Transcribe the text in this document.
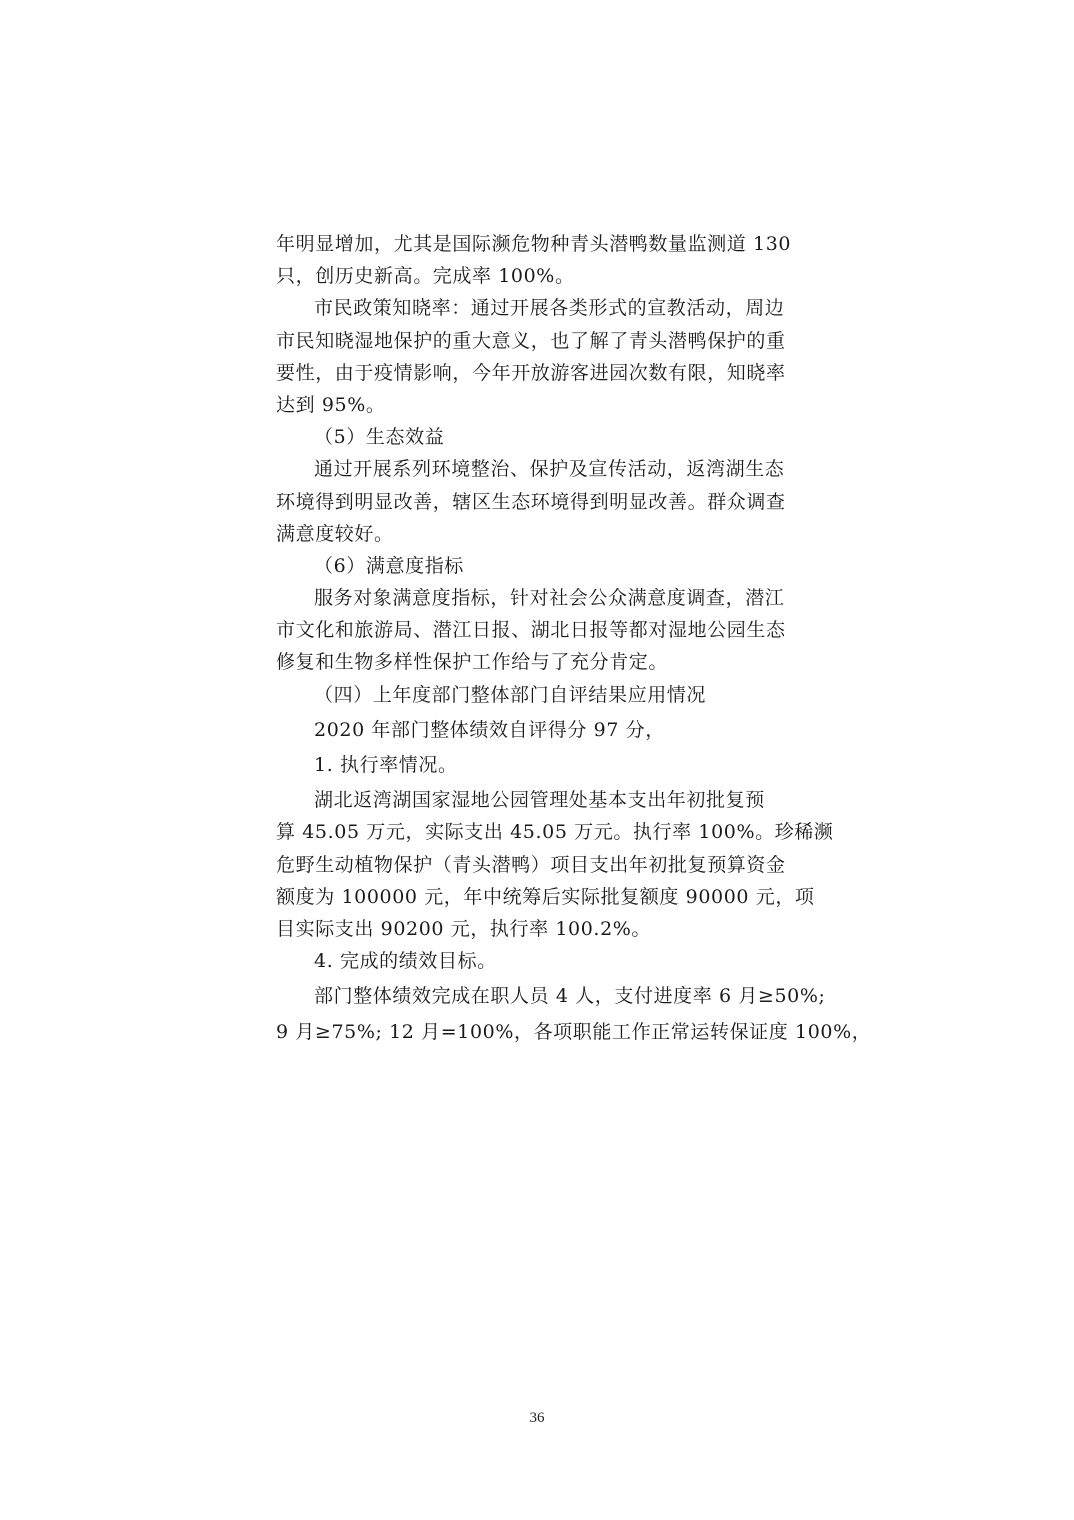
年明显增加，尤其是国际濒危物种青头潜鸭数量监测道 130
只，创历史新高。完成率 100%。
市民政策知晓率：通过开展各类形式的宣教活动，周边
市民知晓湿地保护的重大意义，也了解了青头潜鸭保护的重
要性，由于疫情影响，今年开放游客进园次数有限，知晓率
达到 95%。
（5）生态效益
通过开展系列环境整治、保护及宣传活动，返湾湖生态
环境得到明显改善，辖区生态环境得到明显改善。群众调查
满意度较好。
（6）满意度指标
服务对象满意度指标，针对社会公众满意度调查，潜江
市文化和旅游局、潜江日报、湖北日报等都对湿地公园生态
修复和生物多样性保护工作给与了充分肯定。
（四）上年度部门整体部门自评结果应用情况
2020 年部门整体绩效自评得分 97 分，
1. 执行率情况。
湖北返湾湖国家湿地公园管理处基本支出年初批复预
算 45.05 万元，实际支出 45.05 万元。执行率 100%。珍稀濒
危野生动植物保护（青头潜鸭）项目支出年初批复预算资金
额度为 100000 元，年中统筹后实际批复额度 90000 元，项
目实际支出 90200 元，执行率 100.2%。
4. 完成的绩效目标。
部门整体绩效完成在职人员 4 人，支付进度率 6 月≥50%;
9 月≥75%; 12 月=100%，各项职能工作正常运转保证度 100%，
36
